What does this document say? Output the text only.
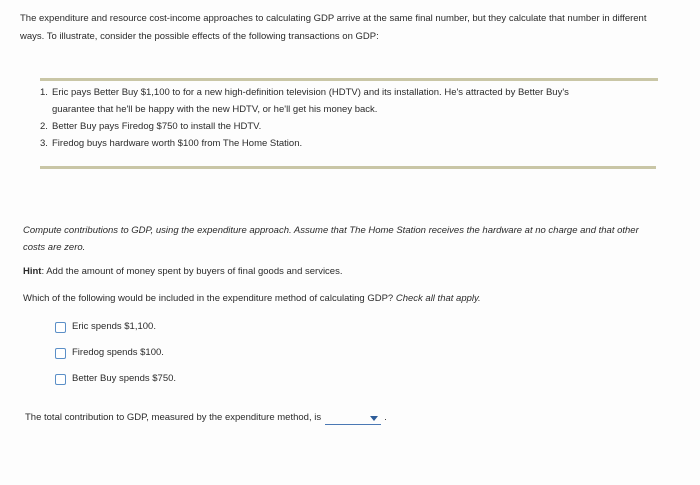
The expenditure and resource cost-income approaches to calculating GDP arrive at the same final number, but they calculate that number in different
ways. To illustrate, consider the possible effects of the following transactions on GDP:
1. Eric pays Better Buy $1,100 to for a new high-definition television (HDTV) and its installation. He's attracted by Better Buy's
guarantee that he'll be happy with the new HDTV, or he'll get his money back.
2. Better Buy pays Firedog $750 to install the HDTV.
3. Firedog buys hardware worth $100 from The Home Station.
Compute contributions to GDP, using the expenditure approach. Assume that The Home Station receives the hardware at no charge and that other
costs are zero.
Hint: Add the amount of money spent by buyers of final goods and services.
Which of the following would be included in the expenditure method of calculating GDP? Check all that apply.
Eric spends $1,100.
Firedog spends $100.
Better Buy spends $750.
The total contribution to GDP, measured by the expenditure method, is	.
